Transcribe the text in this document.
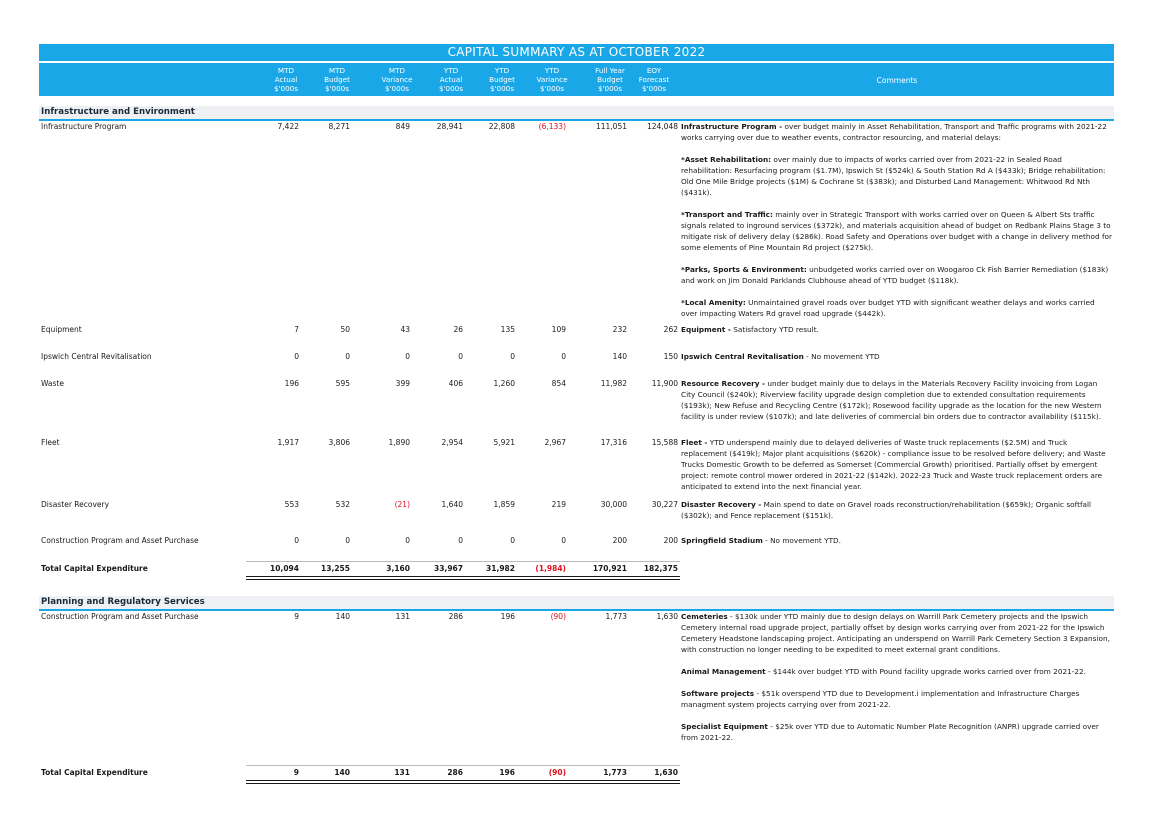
CAPITAL SUMMARY AS AT OCTOBER 2022
MTD
Actual
$'000s
MTD
Budget
$'000s
MTD
Variance
$'000s
YTD
Actual
$'000s
YTD
Budget
$'000s
YTD
Variance
$'000s
Full Year
Budget
$'000s
EOY
Forecast
$'000s
Comments
Infrastructure and Environment
Infrastructure Program	7,422	8,271	849	28,941	22,808	(6,133)	111,051	124,048 Infrastructure Program - over budget mainly in Asset Rehabilitation, Transport and Traffic programs with 2021-22 works carrying over due to weather events, contractor resourcing, and material delays:

*Asset Rehabilitation: over mainly due to impacts of works carried over from 2021-22 in Sealed Road rehabilitation: Resurfacing program ($1.7M), Ipswich St ($524k) & South Station Rd A ($433k); Bridge rehabilitation: Old One Mile Bridge projects ($1M) & Cochrane St ($383k); and Disturbed Land Management: Whitwood Rd Nth ($431k).

*Transport and Traffic: mainly over in Strategic Transport with works carried over on Queen & Albert Sts traffic signals related to inground services ($372k), and materials acquisition ahead of budget on Redbank Plains Stage 3 to mitigate risk of delivery delay ($286k). Road Safety and Operations over budget with a change in delivery method for some elements of Pine Mountain Rd project ($275k).

*Parks, Sports & Environment: unbudgeted works carried over on Woogaroo Ck Fish Barrier Remediation ($183k) and work on Jim Donald Parklands Clubhouse ahead of YTD budget ($118k).

*Local Amenity: Unmaintained gravel roads over budget YTD with significant weather delays and works carried over impacting Waters Rd gravel road upgrade ($442k).

Equipment	7	50	43	26	135	109	232	262 Equipment - Satisfactory YTD result.
Ipswich Central Revitalisation	0	0	0	0	0	0	140	150 Ipswich Central Revitalisation - No movement YTD
Waste	196	595	399	406	1,260	854	11,982	11,900 Resource Recovery - under budget mainly due to delays in the Materials Recovery Facility invoicing from Logan City Council ($240k); Riverview facility upgrade design completion due to extended consultation requirements ($193k); New Refuse and Recycling Centre ($172k); Rosewood facility upgrade as the location for the new Western facility is under review ($107k); and late deliveries of commercial bin orders due to contractor availability ($115k).
Fleet	1,917	3,806	1,890	2,954	5,921	2,967	17,316	15,588 Fleet - YTD underspend mainly due to delayed deliveries of Waste truck replacements ($2.5M) and Truck replacement ($419k); Major plant acquisitions ($620k) - compliance issue to be resolved before delivery; and Waste Trucks Domestic Growth to be deferred as Somerset (Commercial Growth) prioritised. Partially offset by emergent project: remote control mower ordered in 2021-22 ($142k). 2022-23 Truck and Waste truck replacement orders are anticipated to extend into the next financial year.
Disaster Recovery	553	532	(21)	1,640	1,859	219	30,000	30,227 Disaster Recovery - Main spend to date on Gravel roads reconstruction/rehabilitation ($659k); Organic softfall ($302k); and Fence replacement ($151k).
Construction Program and Asset Purchase	0	0	0	0	0	0	200	200 Springfield Stadium - No movement YTD.
Total Capital Expenditure	10,094	13,255	3,160	33,967	31,982	(1,984)	170,921	182,375
Planning and Regulatory Services
Construction Program and Asset Purchase	9	140	131	286	196	(90)	1,773	1,630 Cemeteries - $130k under YTD mainly due to design delays on Warrill Park Cemetery projects and the Ipswich Cemetery internal road upgrade project, partially offset by design works carrying over from 2021-22 for the Ipswich Cemetery Headstone landscaping project. Anticipating an underspend on Warrill Park Cemetery Section 3 Expansion, with construction no longer needing to be expedited to meet external grant conditions.

Animal Management - $144k over budget YTD with Pound facility upgrade works carried over from 2021-22.

Software projects - $51k overspend YTD due to Development.i implementation and Infrastructure Charges managment system projects carrying over from 2021-22.

Specialist Equipment - $25k over YTD due to Automatic Number Plate Recognition (ANPR) upgrade carried over from 2021-22.

Total Capital Expenditure	9	140	131	286	196	(90)	1,773	1,630
